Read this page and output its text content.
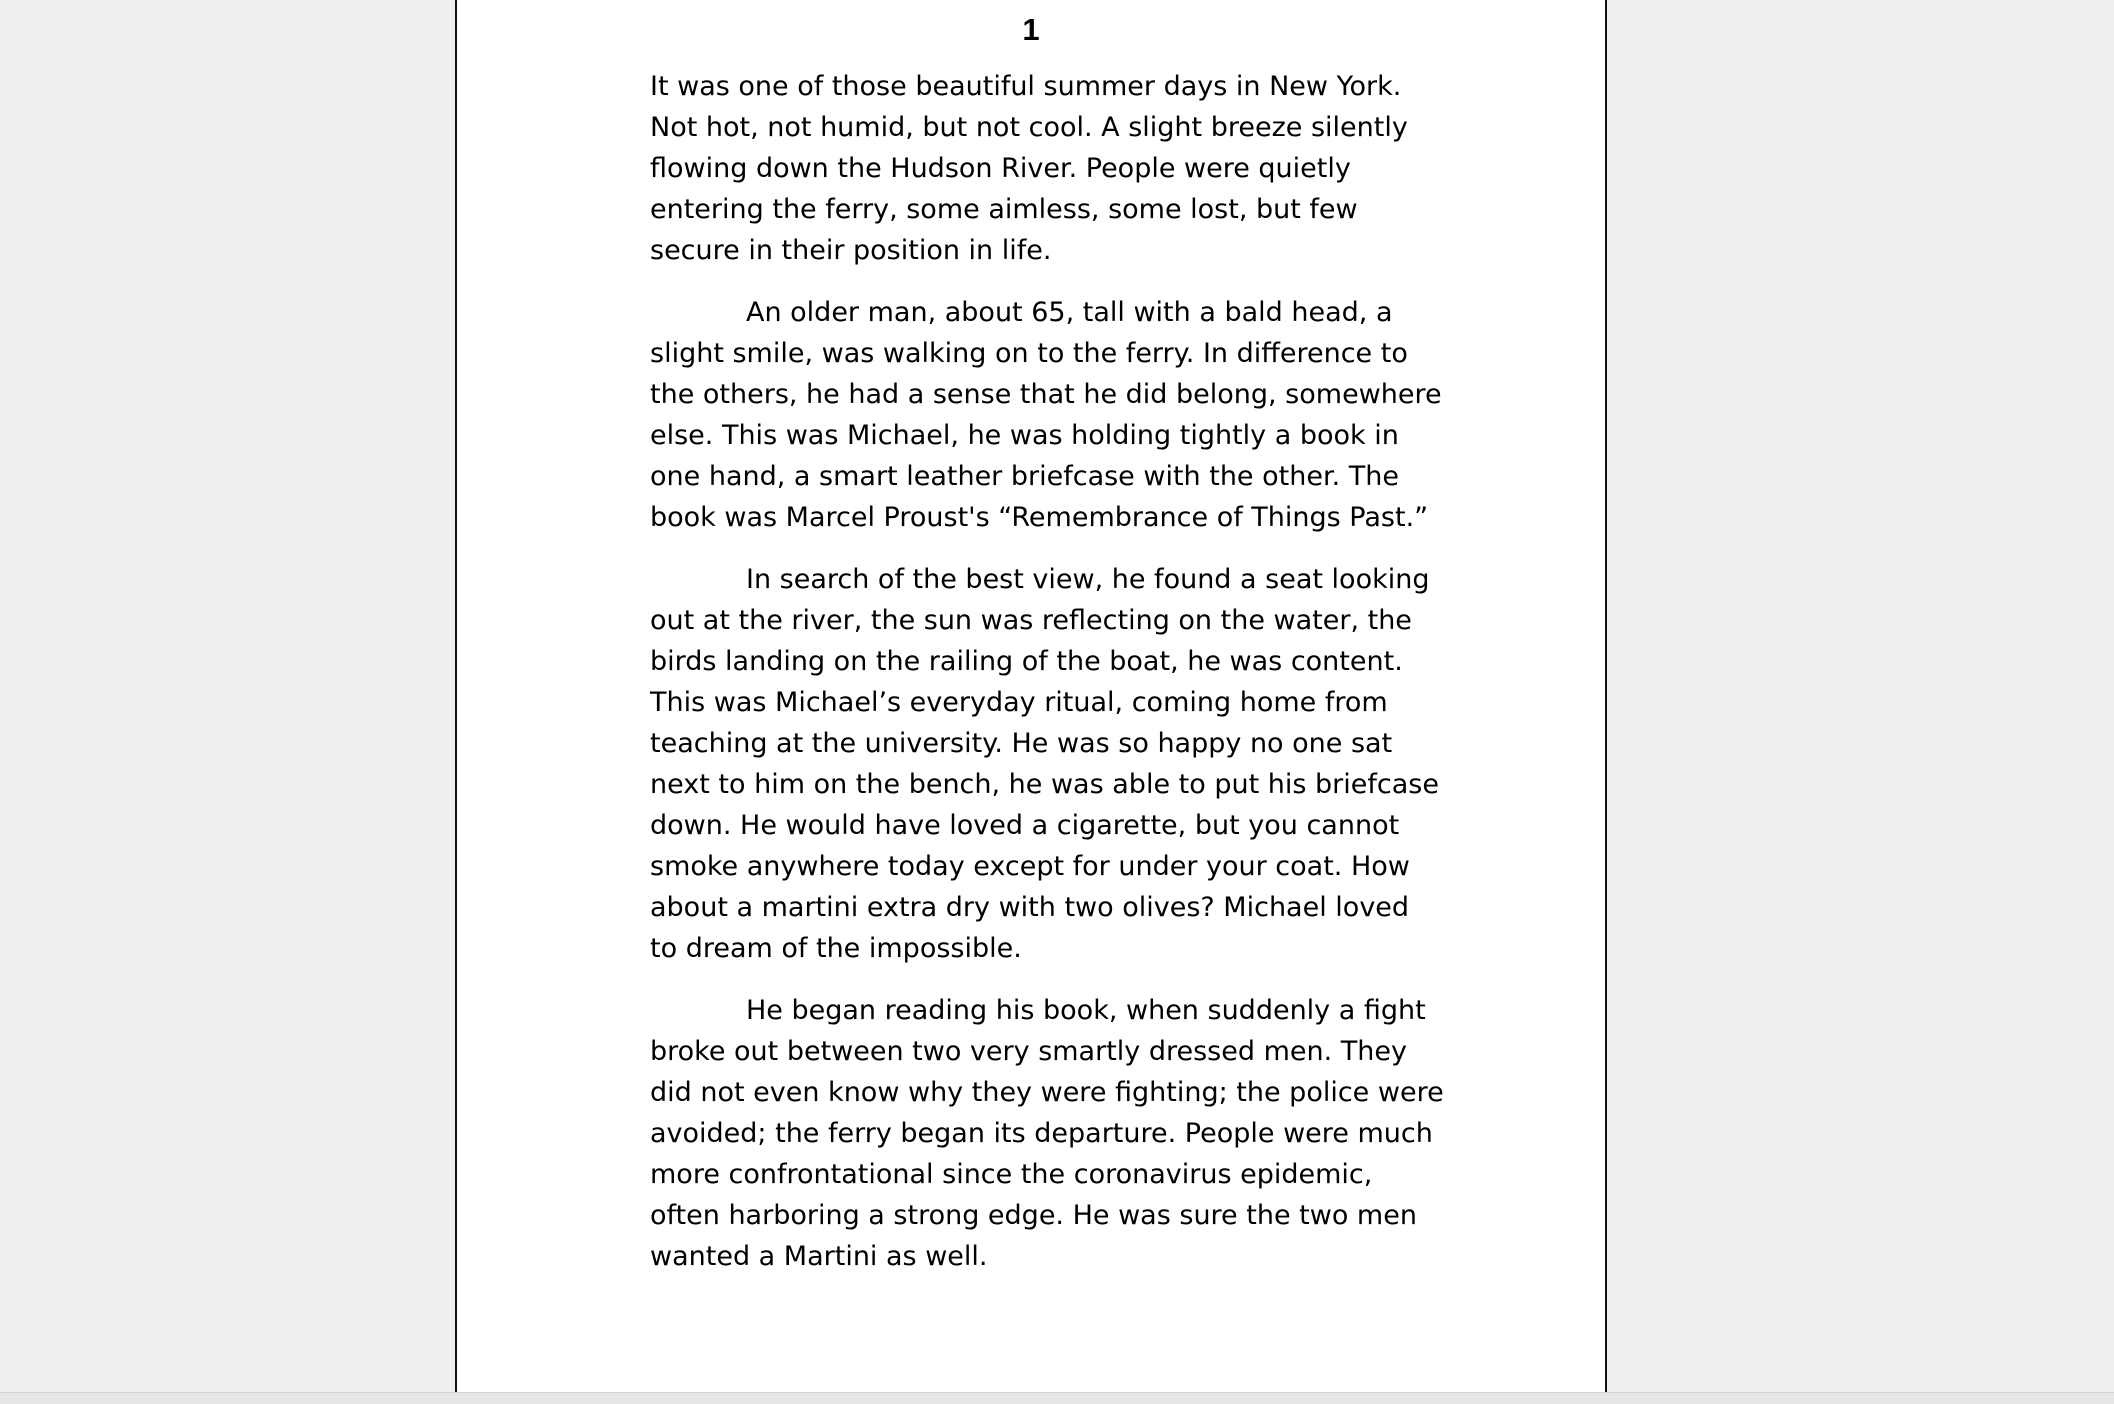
1

It was one of those beautiful summer days in New York.
Not hot, not humid, but not cool. A slight breeze silently
flowing down the Hudson River. People were quietly
entering the ferry, some aimless, some lost, but few
secure in their position in life.

An older man, about 65, tall with a bald head, a
slight smile, was walking on to the ferry. In difference to
the others, he had a sense that he did belong, somewhere
else. This was Michael, he was holding tightly a book in
one hand, a smart leather briefcase with the other. The
book was Marcel Proust's “Remembrance of Things Past.”

In search of the best view, he found a seat looking
out at the river, the sun was reflecting on the water, the
birds landing on the railing of the boat, he was content.
This was Michael’s everyday ritual, coming home from
teaching at the university. He was so happy no one sat
next to him on the bench, he was able to put his briefcase
down. He would have loved a cigarette, but you cannot
smoke anywhere today except for under your coat. How
about a martini extra dry with two olives? Michael loved
to dream of the impossible.

He began reading his book, when suddenly a fight
broke out between two very smartly dressed men. They
did not even know why they were fighting; the police were
avoided; the ferry began its departure. People were much
more confrontational since the coronavirus epidemic,
often harboring a strong edge. He was sure the two men
wanted a Martini as well.
